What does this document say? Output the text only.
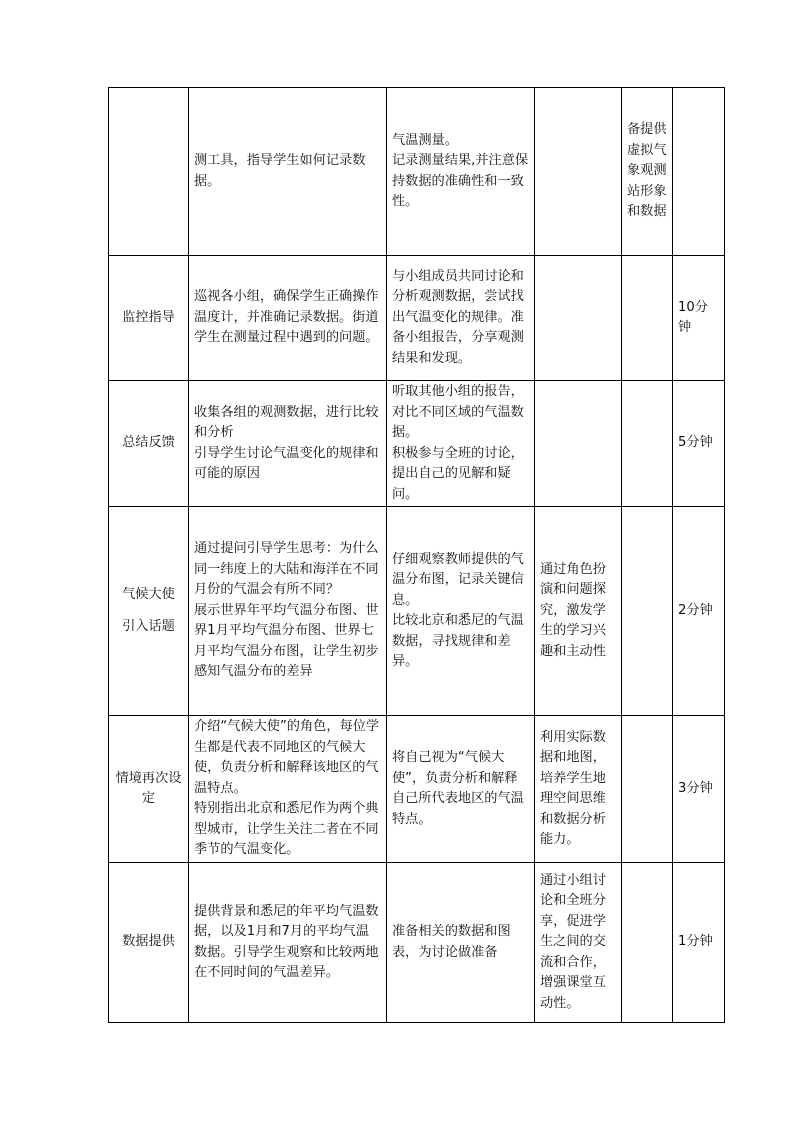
	测工具，指导学生如何记录数据。	气温测量。
记录测量结果,并注意保持数据的准确性和一致性。		备提供虚拟气象观测站形象和数据	

监控指导	巡视各小组，确保学生正确操作温度计，并准确记录数据。街道学生在测量过程中遇到的问题。	与小组成员共同讨论和分析观测数据，尝试找出气温变化的规律。准备小组报告，分享观测结果和发现。			10分钟

总结反馈	收集各组的观测数据，进行比较和分析
引导学生讨论气温变化的规律和可能的原因	听取其他小组的报告，对比不同区域的气温数据。
积极参与全班的讨论，提出自己的见解和疑问。			5分钟

气候大使
引入话题	通过提问引导学生思考：为什么同一纬度上的大陆和海洋在不同月份的气温会有所不同？
展示世界年平均气温分布图、世界1月平均气温分布图、世界七月平均气温分布图，让学生初步感知气温分布的差异	仔细观察教师提供的气温分布图，记录关键信息。
比较北京和悉尼的气温数据，寻找规律和差异。	通过角色扮演和问题探究，激发学生的学习兴趣和主动性		2分钟

情境再次设定	介绍“气候大使”的角色，每位学生都是代表不同地区的气候大使，负责分析和解释该地区的气温特点。
特别指出北京和悉尼作为两个典型城市，让学生关注二者在不同季节的气温变化。	将自己视为“气候大使”，负责分析和解释自己所代表地区的气温特点。	利用实际数据和地图，培养学生地理空间思维和数据分析能力。		3分钟

数据提供	提供背景和悉尼的年平均气温数据，以及1月和7月的平均气温数据。引导学生观察和比较两地在不同时间的气温差异。	准备相关的数据和图表，为讨论做准备	通过小组讨论和全班分享，促进学生之间的交流和合作，增强课堂互动性。		1分钟
